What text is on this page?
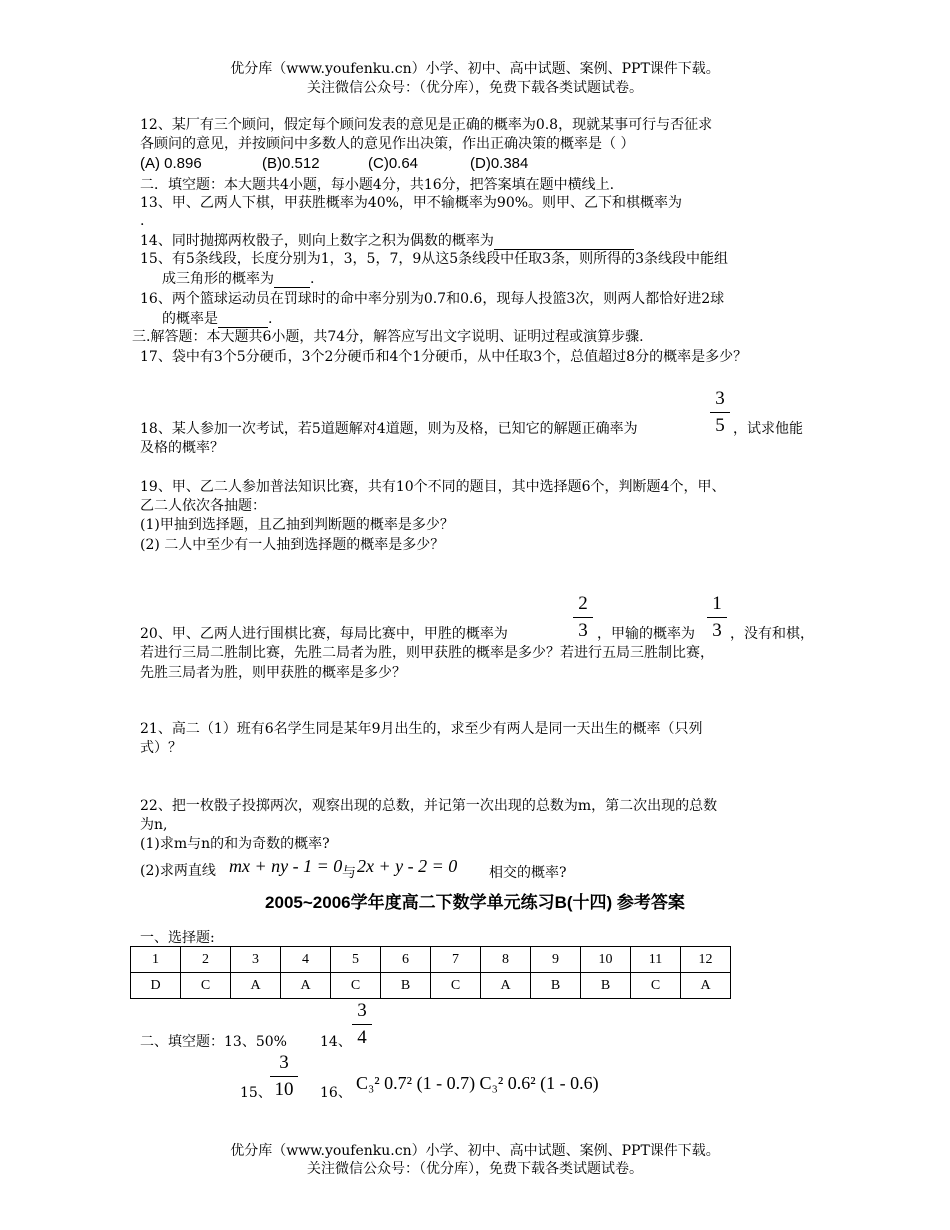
优分库（www.youfenku.cn）小学、初中、高中试题、案例、PPT课件下载。
关注微信公众号：（优分库），免费下载各类试题试卷。
12、某厂有三个顾问，假定每个顾问发表的意见是正确的概率为0.8，现就某事可行与否征求
各顾问的意见，并按顾问中多数人的意见作出决策，作出正确决策的概率是（ ）
(A) 0.896	(B)0.512	(C)0.64	(D)0.384
二．填空题：本大题共4小题，每小题4分，共16分，把答案填在题中横线上.
13、甲、乙两人下棋，甲获胜概率为40%，甲不输概率为90%。则甲、乙下和棋概率为
.
14、同时抛掷两枚骰子，则向上数字之积为偶数的概率为
15、有5条线段，长度分别为1，3，5，7，9从这5条线段中任取3条，则所得的3条线段中能组
成三角形的概率为	.
16、两个篮球运动员在罚球时的命中率分别为0.7和0.6，现每人投篮3次，则两人都恰好进2球
的概率是	.
三.解答题：本大题共6小题，共74分，解答应写出文字说明、证明过程或演算步骤.
17、袋中有3个5分硬币，3个2分硬币和4个1分硬币，从中任取3个，总值超过8分的概率是多少？
3
5
18、某人参加一次考试，若5道题解对4道题，则为及格，已知它的解题正确率为	，试求他能
及格的概率？
19、甲、乙二人参加普法知识比赛，共有10个不同的题目，其中选择题6个，判断题4个，甲、
乙二人依次各抽题：
(1)甲抽到选择题，且乙抽到判断题的概率是多少？
(2) 二人中至少有一人抽到选择题的概率是多少？
2
3
1
3
20、甲、乙两人进行围棋比赛，每局比赛中，甲胜的概率为	，甲输的概率为	，没有和棋，
若进行三局二胜制比赛，先胜二局者为胜，则甲获胜的概率是多少？若进行五局三胜制比赛，
先胜三局者为胜，则甲获胜的概率是多少？
21、高二（1）班有6名学生同是某年9月出生的，求至少有两人是同一天出生的概率（只列
式）？
22、把一枚骰子投掷两次，观察出现的总数，并记第一次出现的总数为m，第二次出现的总数
为n,
(1)求m与n的和为奇数的概率?
(2)求两直线 mx + ny - 1 = 0 与 2x + y - 2 = 0 相交的概率?
2005~2006学年度高二下数学单元练习B(十四) 参考答案
一、选择题:
1	2	3	4	5	6	7	8	9	10	11	12
D	C	A	A	C	B	C	A	B	B	C	A
3
4
二、填空题：13、50% 14、
3
10
15、	16、 C₃² 0.7² (1 - 0.7) C₃² 0.6² (1 - 0.6)
优分库（www.youfenku.cn）小学、初中、高中试题、案例、PPT课件下载。
关注微信公众号：（优分库），免费下载各类试题试卷。
